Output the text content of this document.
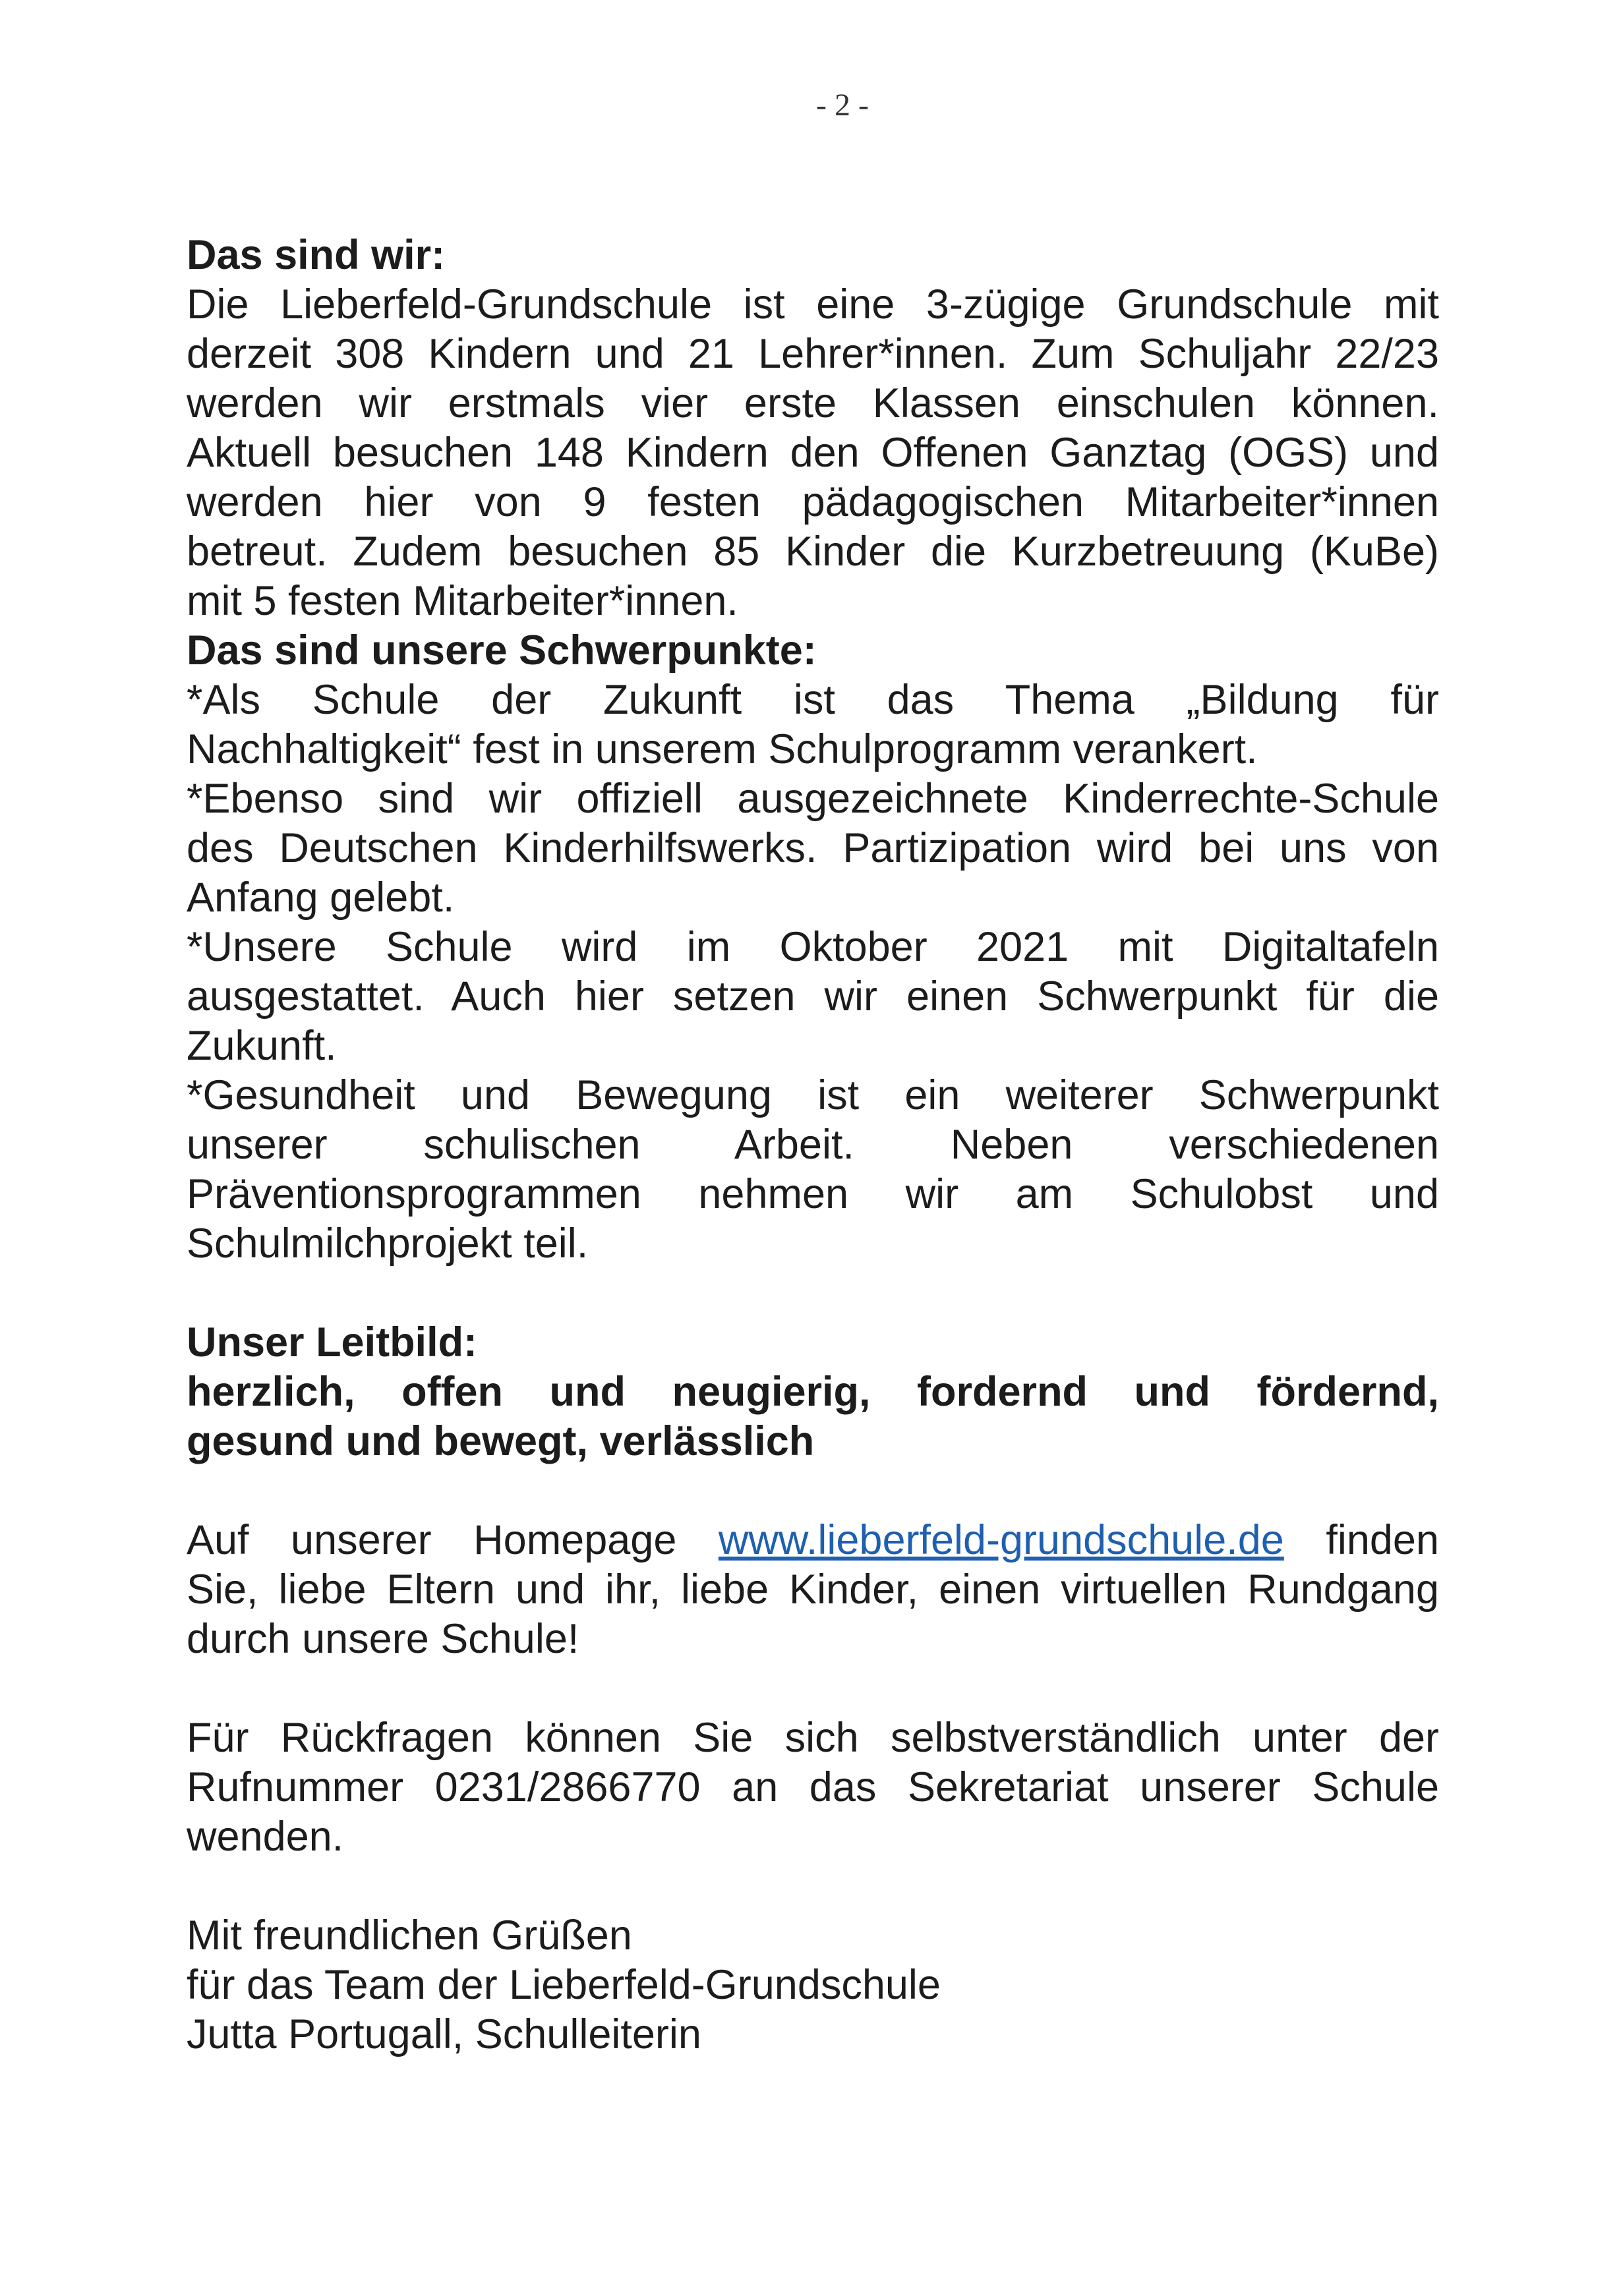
- 2 -

Das sind wir:

Die Lieberfeld-Grundschule ist eine 3-zügige Grundschule mit

derzeit 308 Kindern und 21 Lehrer*innen. Zum Schuljahr 22/23

werden wir erstmals vier erste Klassen einschulen können.

Aktuell besuchen 148 Kindern den Offenen Ganztag (OGS) und

werden hier von 9 festen pädagogischen Mitarbeiter*innen

betreut. Zudem besuchen 85 Kinder die Kurzbetreuung (KuBe)

mit 5 festen Mitarbeiter*innen.

Das sind unsere Schwerpunkte:

*Als Schule der Zukunft ist das Thema „Bildung für

Nachhaltigkeit“ fest in unserem Schulprogramm verankert.

*Ebenso sind wir offiziell ausgezeichnete Kinderrechte-Schule

des Deutschen Kinderhilfswerks. Partizipation wird bei uns von

Anfang gelebt.

*Unsere Schule wird im Oktober 2021 mit Digitaltafeln

ausgestattet. Auch hier setzen wir einen Schwerpunkt für die

Zukunft.

*Gesundheit und Bewegung ist ein weiterer Schwerpunkt

unserer schulischen Arbeit. Neben verschiedenen

Präventionsprogrammen nehmen wir am Schulobst und

Schulmilchprojekt teil.

Unser Leitbild:

herzlich, offen und neugierig, fordernd und fördernd,

gesund und bewegt, verlässlich

Auf unserer Homepage www.lieberfeld-grundschule.de finden

Sie, liebe Eltern und ihr, liebe Kinder, einen virtuellen Rundgang

durch unsere Schule!

Für Rückfragen können Sie sich selbstverständlich unter der

Rufnummer 0231/2866770 an das Sekretariat unserer Schule

wenden.

Mit freundlichen Grüßen

für das Team der Lieberfeld-Grundschule

Jutta Portugall, Schulleiterin
